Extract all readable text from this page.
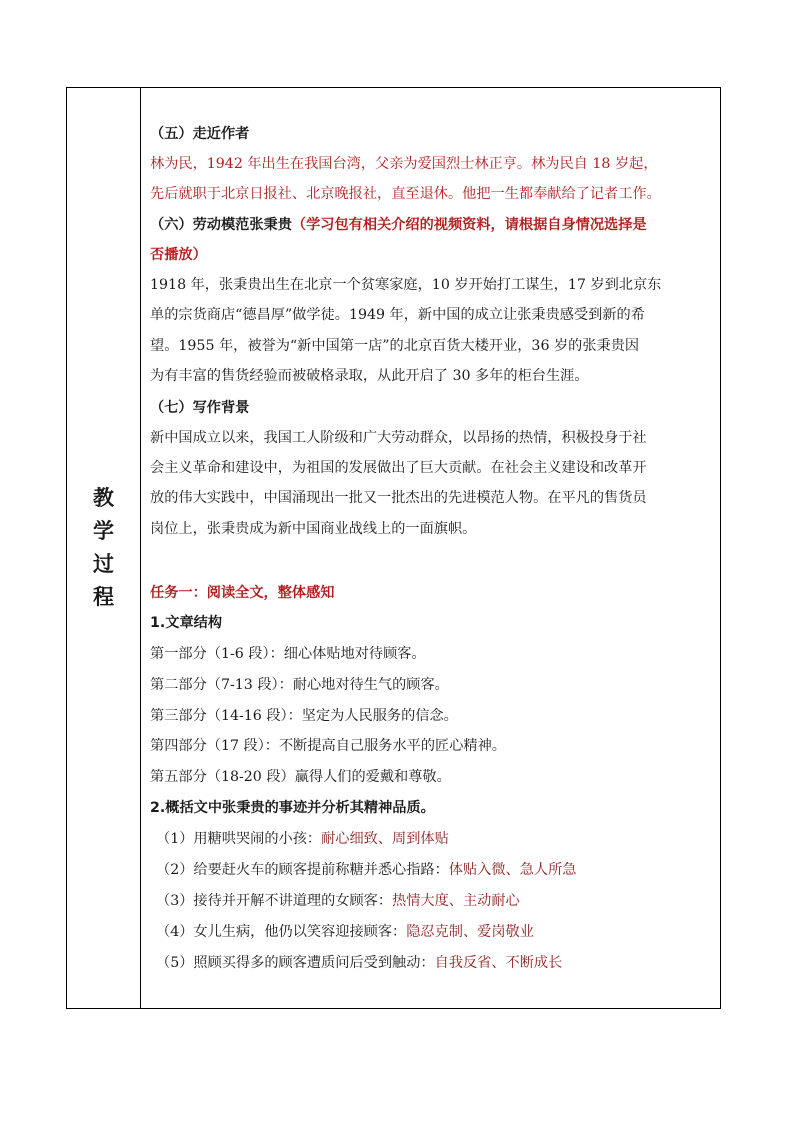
教
学
过
程
（五）走近作者
林为民，1942 年出生在我国台湾，父亲为爱国烈士林正亨。林为民自 18 岁起，
先后就职于北京日报社、北京晚报社，直至退休。他把一生都奉献给了记者工作。
（六）劳动模范张秉贵（学习包有相关介绍的视频资料，请根据自身情况选择是
否播放）
1918 年，张秉贵出生在北京一个贫寒家庭，10 岁开始打工谋生，17 岁到北京东
单的宗货商店“德昌厚”做学徒。1949 年，新中国的成立让张秉贵感受到新的希
望。1955 年，被誉为“新中国第一店”的北京百货大楼开业，36 岁的张秉贵因
为有丰富的售货经验而被破格录取，从此开启了 30 多年的柜台生涯。
（七）写作背景
新中国成立以来，我国工人阶级和广大劳动群众，以昂扬的热情，积极投身于社
会主义革命和建设中，为祖国的发展做出了巨大贡献。在社会主义建设和改革开
放的伟大实践中，中国涌现出一批又一批杰出的先进模范人物。在平凡的售货员
岗位上，张秉贵成为新中国商业战线上的一面旗帜。
任务一：阅读全文，整体感知
1.文章结构
第一部分（1-6 段）：细心体贴地对待顾客。
第二部分（7-13 段）：耐心地对待生气的顾客。
第三部分（14-16 段）：坚定为人民服务的信念。
第四部分（17 段）：不断提高自己服务水平的匠心精神。
第五部分（18-20 段）赢得人们的爱戴和尊敬。
2.概括文中张秉贵的事迹并分析其精神品质。
（1）用糖哄哭闹的小孩：耐心细致、周到体贴
（2）给要赶火车的顾客提前称糖并悉心指路：体贴入微、急人所急
（3）接待并开解不讲道理的女顾客：热情大度、主动耐心
（4）女儿生病，他仍以笑容迎接顾客：隐忍克制、爱岗敬业
（5）照顾买得多的顾客遭质问后受到触动：自我反省、不断成长
